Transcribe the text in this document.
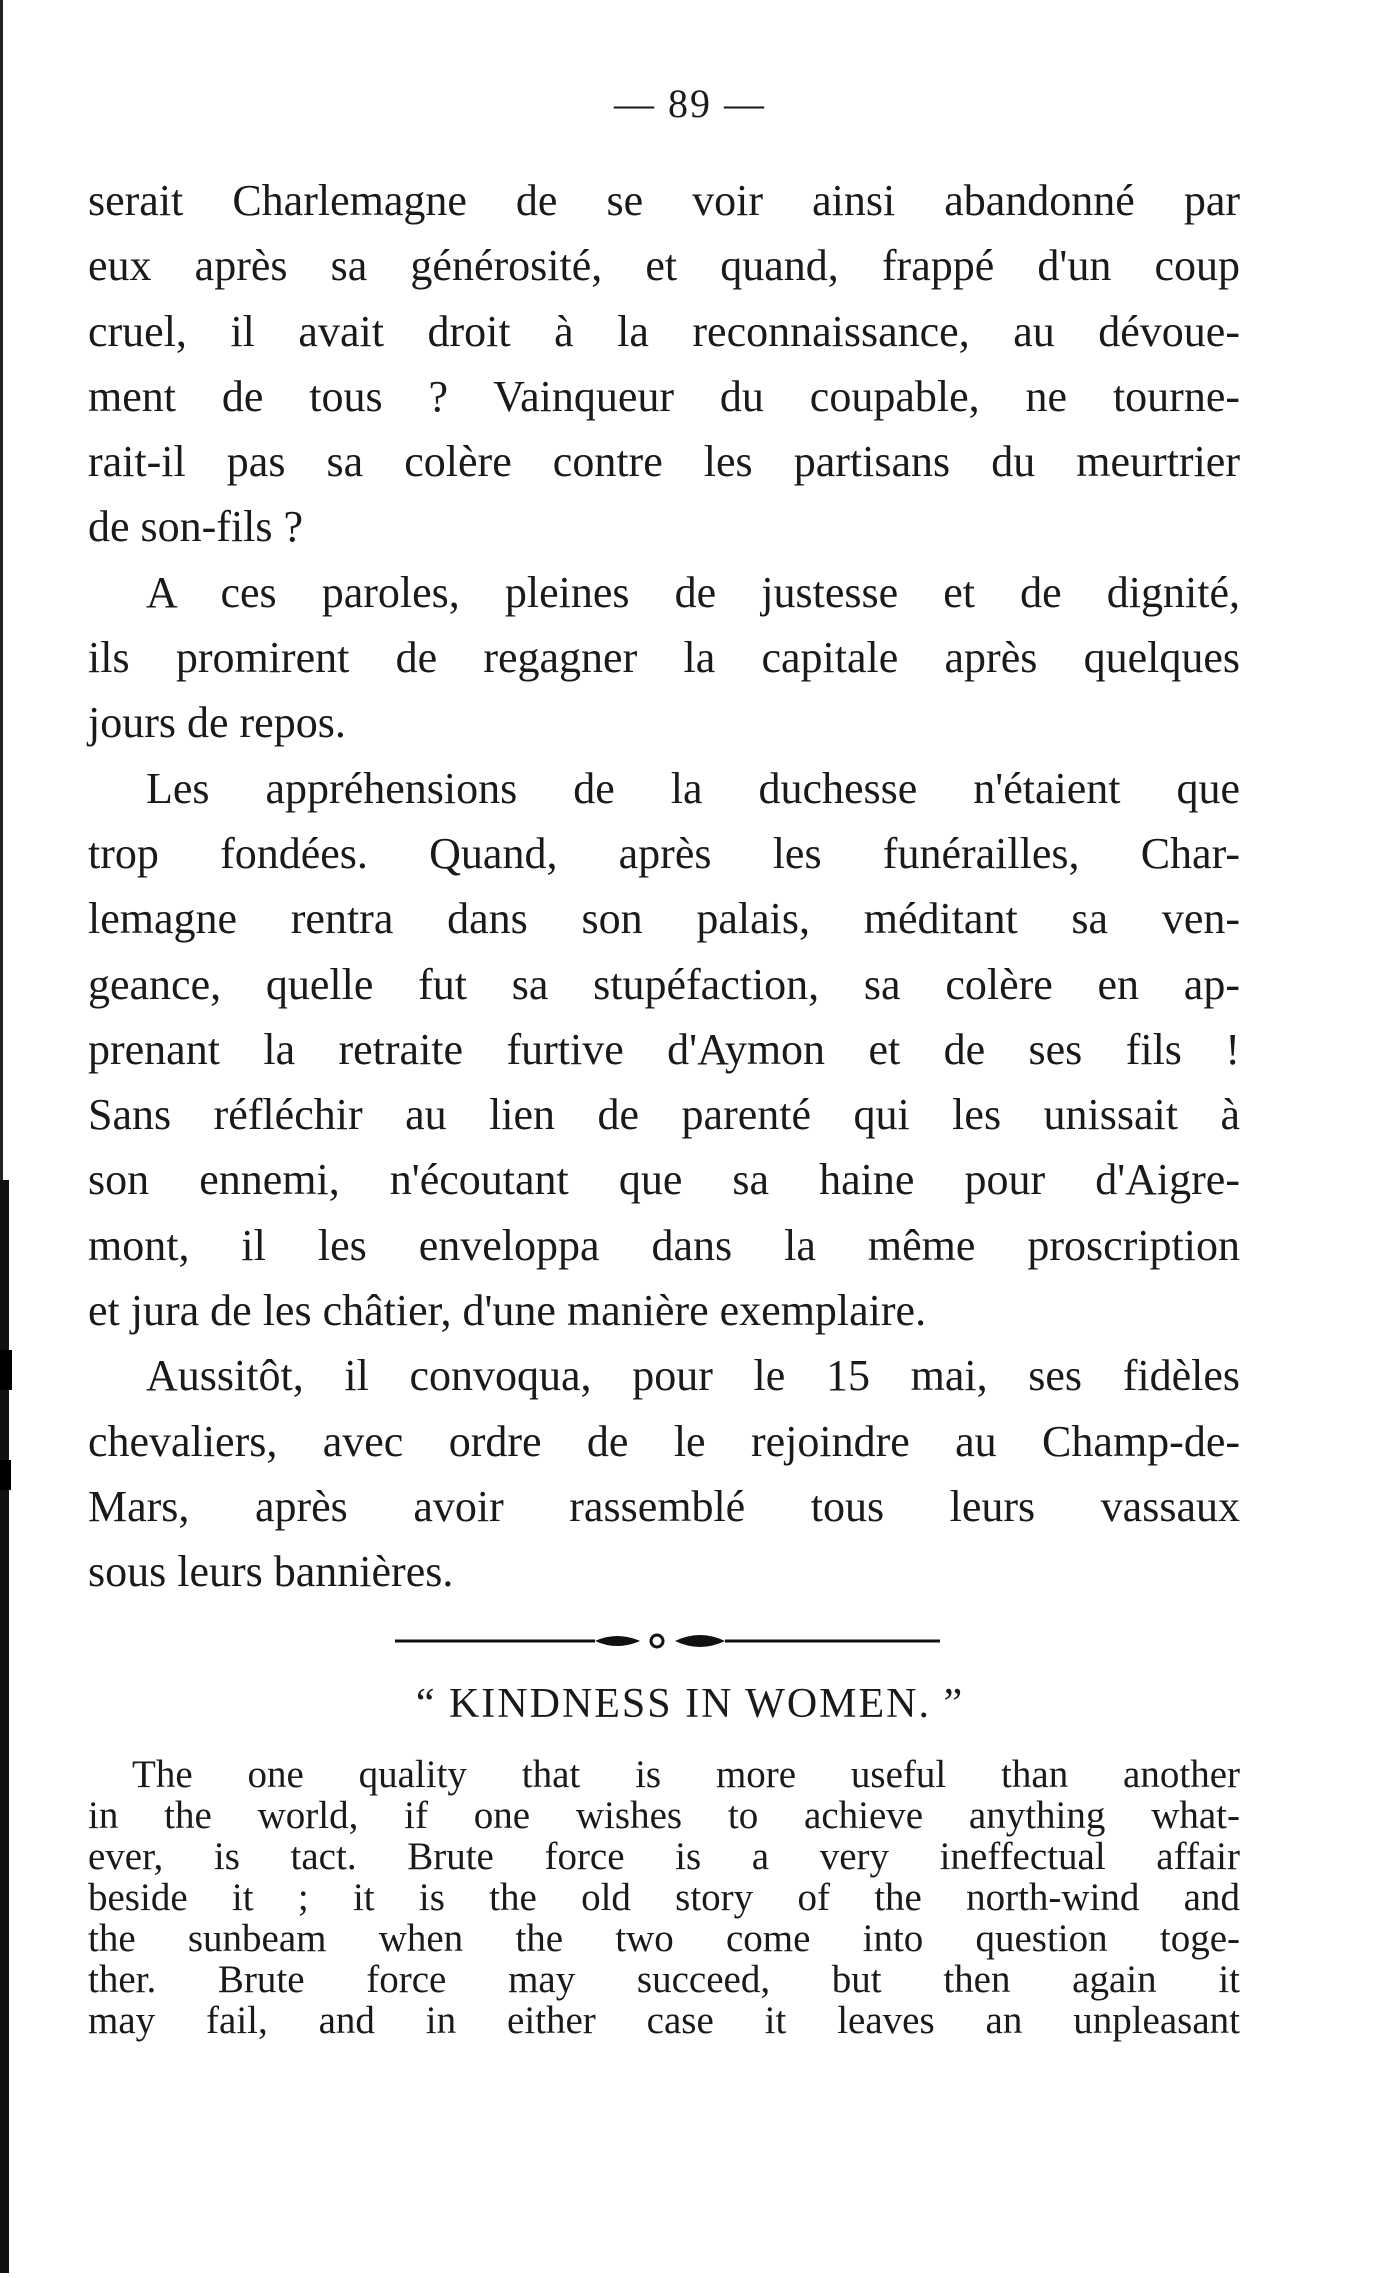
— 89 —
serait Charlemagne de se voir ainsi abandonné par
eux après sa générosité, et quand, frappé d'un coup
cruel, il avait droit à la reconnaissance, au dévoue-
ment de tous ? Vainqueur du coupable, ne tourne-
rait-il pas sa colère contre les partisans du meurtrier
de son-fils ?
A ces paroles, pleines de justesse et de dignité,
ils promirent de regagner la capitale après quelques
jours de repos.
Les appréhensions de la duchesse n'étaient que
trop fondées. Quand, après les funérailles, Char-
lemagne rentra dans son palais, méditant sa ven-
geance, quelle fut sa stupéfaction, sa colère en ap-
prenant la retraite furtive d'Aymon et de ses fils !
Sans réfléchir au lien de parenté qui les unissait à
son ennemi, n'écoutant que sa haine pour d'Aigre-
mont, il les enveloppa dans la même proscription
et jura de les châtier, d'une manière exemplaire.
Aussitôt, il convoqua, pour le 15 mai, ses fidèles
chevaliers, avec ordre de le rejoindre au Champ-de-
Mars, après avoir rassemblé tous leurs vassaux
sous leurs bannières.
“ KINDNESS IN WOMEN. ”
The one quality that is more useful than another
in the world, if one wishes to achieve anything what-
ever, is tact. Brute force is a very ineffectual affair
beside it ; it is the old story of the north-wind and
the sunbeam when the two come into question toge-
ther. Brute force may succeed, but then again it
may fail, and in either case it leaves an unpleasant
